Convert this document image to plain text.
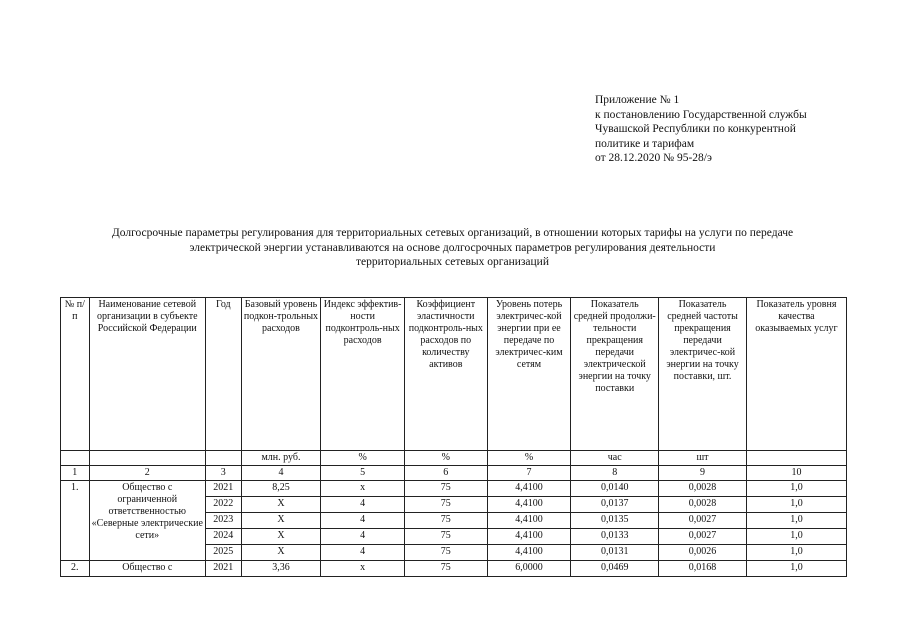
Приложение № 1
к постановлению Государственной службы
Чувашской Республики по конкурентной
политике и тарифам
от 28.12.2020 № 95-28/э
Долгосрочные параметры регулирования для территориальных сетевых организаций, в отношении которых тарифы на услуги по передаче
электрической энергии устанавливаются на основе долгосрочных параметров регулирования деятельности
территориальных сетевых организаций
№ п/п	Наименование сетевой организации в субъекте Российской Федерации	Год	Базовый уровень подкон-трольных расходов	Индекс эффектив-ности подконтроль-ных расходов	Коэффициент эластичности подконтроль-ных расходов по количеству активов	Уровень потерь электричес-кой энергии при ее передаче по электричес-ким сетям	Показатель средней продолжи-тельности прекращения передачи электрической энергии на точку поставки	Показатель средней частоты прекращения передачи электричес-кой энергии на точку поставки, шт.	Показатель уровня качества оказываемых услуг
			млн. руб.	%	%	%	час	шт	
1	2	3	4	5	6	7	8	9	10
1.	Общество с ограниченной ответственностью «Северные электрические сети»	2021	8,25	х	75	4,4100	0,0140	0,0028	1,0
		2022	Х	4	75	4,4100	0,0137	0,0028	1,0
		2023	Х	4	75	4,4100	0,0135	0,0027	1,0
		2024	Х	4	75	4,4100	0,0133	0,0027	1,0
		2025	Х	4	75	4,4100	0,0131	0,0026	1,0
2.	Общество с	2021	3,36	х	75	6,0000	0,0469	0,0168	1,0
